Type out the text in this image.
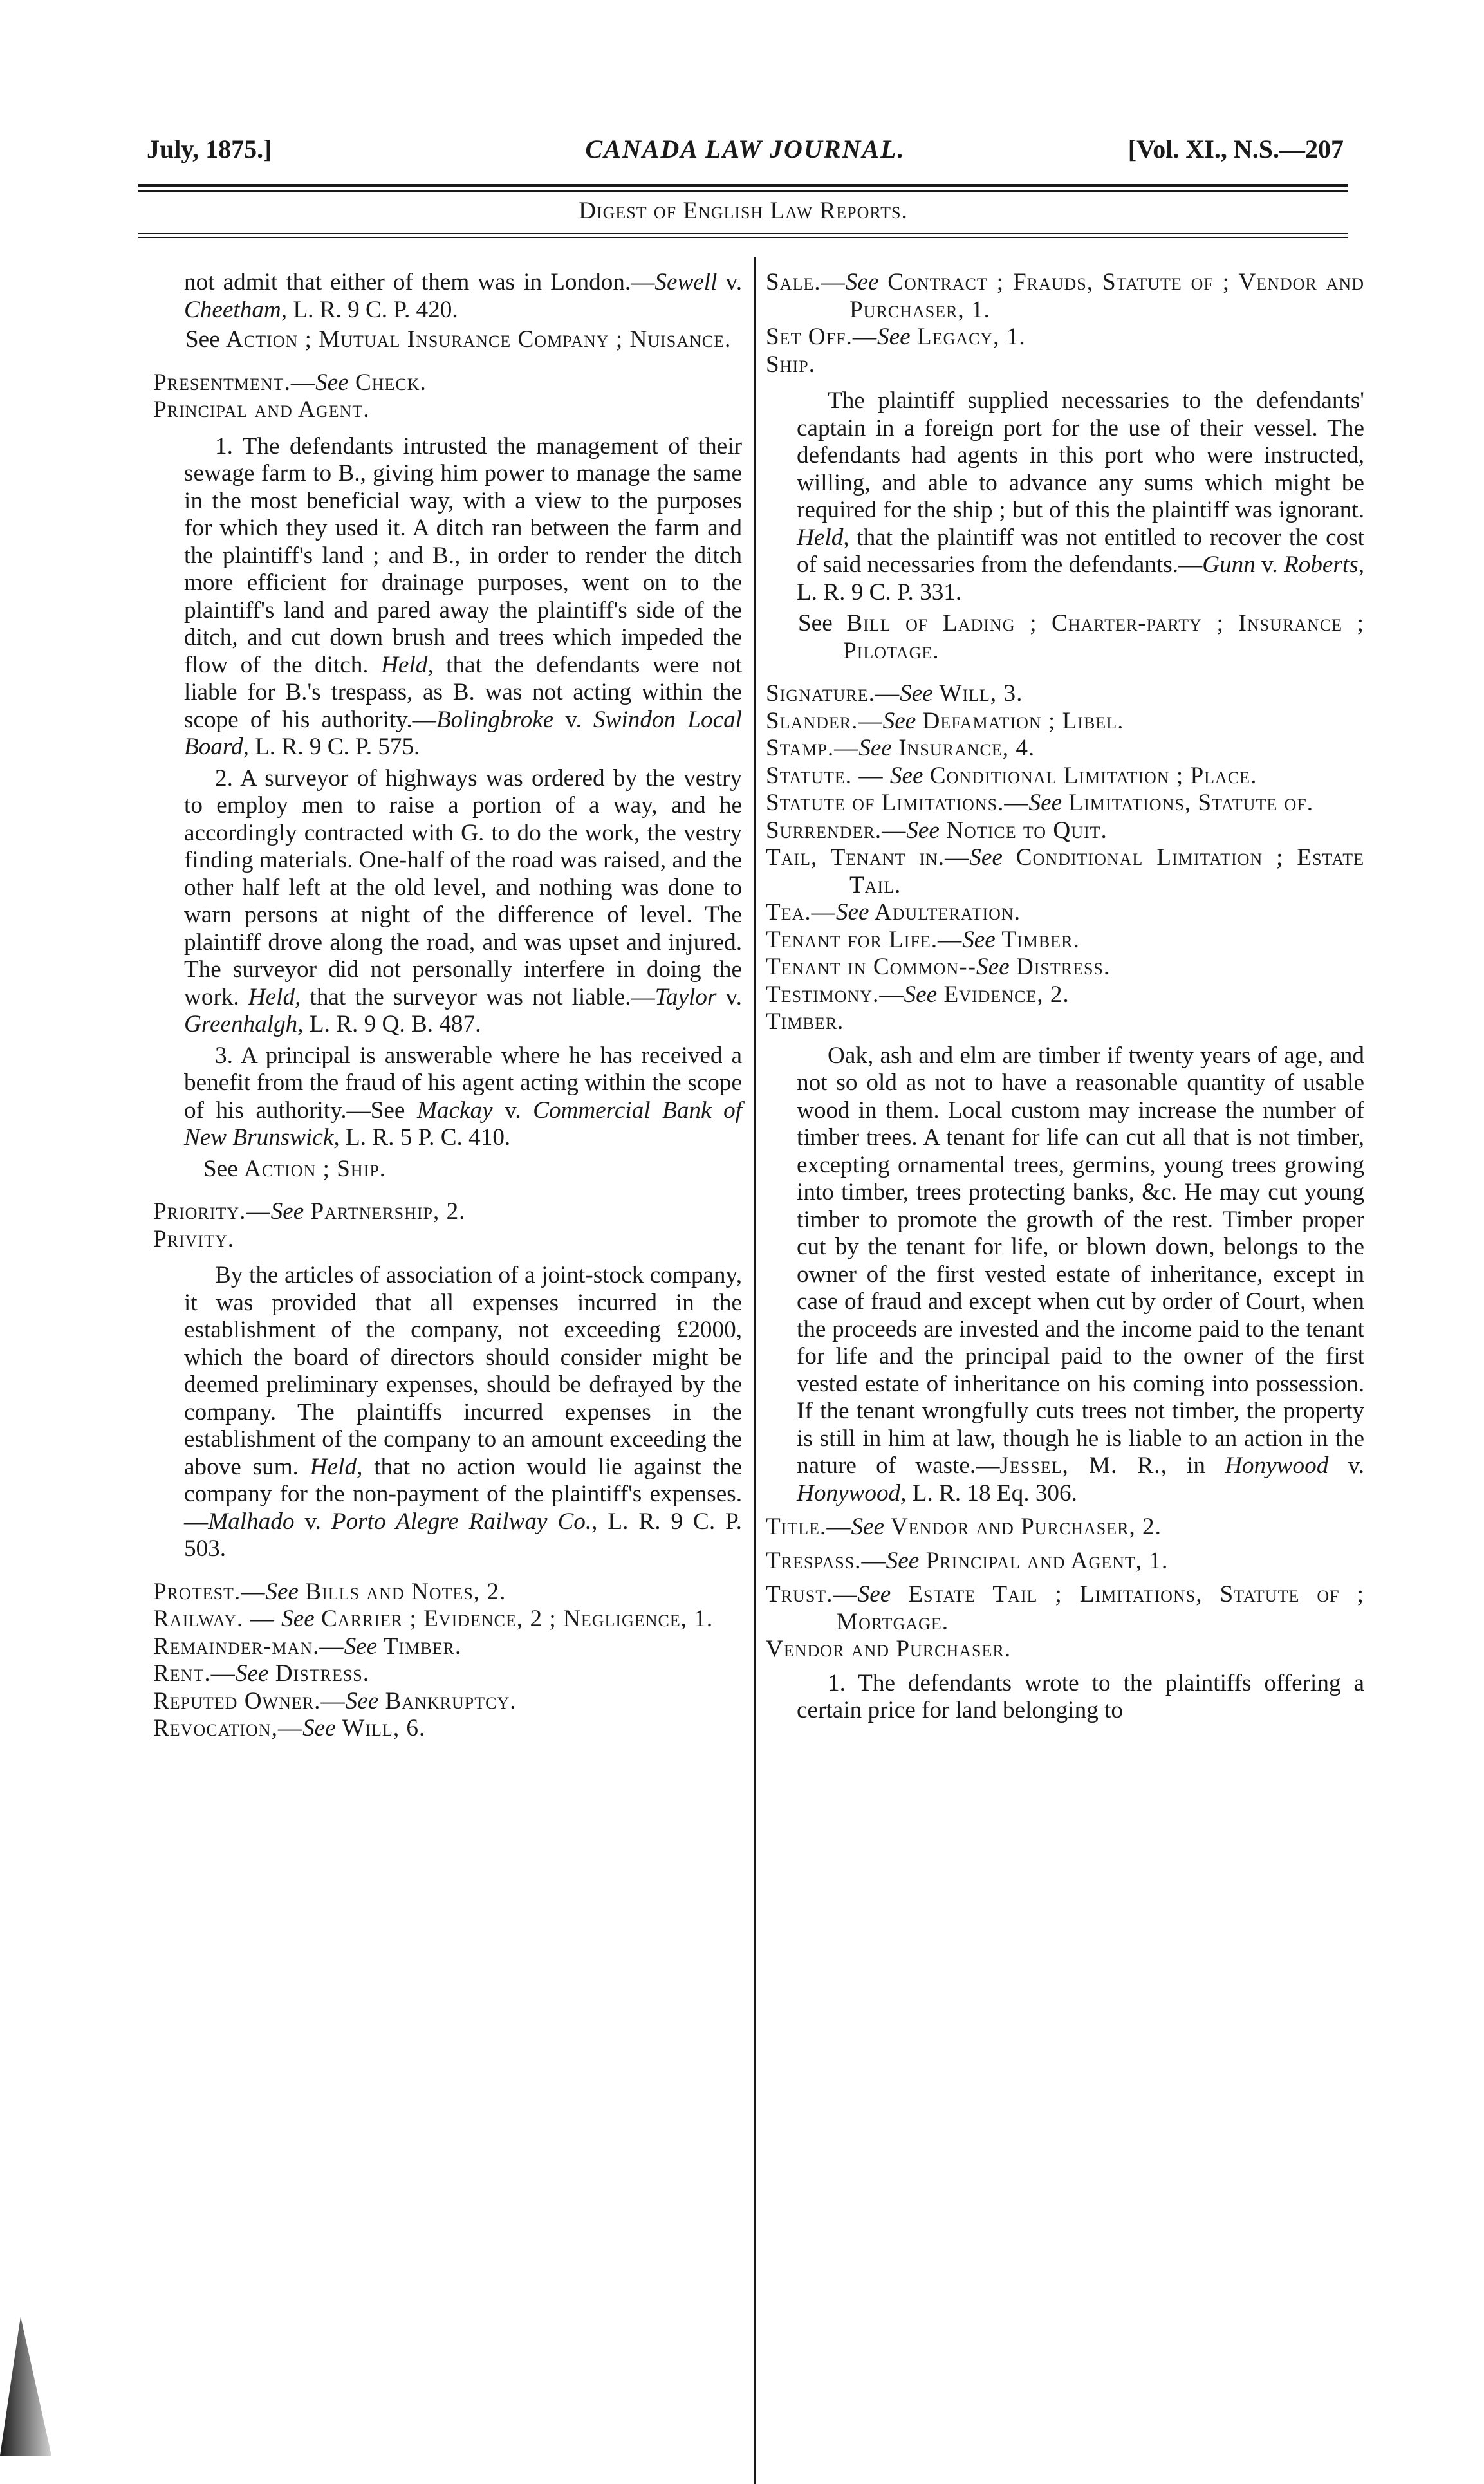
CANADA LAW JOURNAL.
July, 1875.]	[Vol. XI., N.S.—207
Digest of English Law Reports.

not admit that either of them was in London.—Sewell v. Cheetham, L. R. 9 C. P. 420.

See Action ; Mutual Insurance Company ; Nuisance.

Presentment.—See Check.

Principal and Agent.

1. The defendants intrusted the management of their sewage farm to B., giving him power to manage the same in the most beneficial way, with a view to the purposes for which they used it. A ditch ran between the farm and the plaintiff's land ; and B., in order to render the ditch more efficient for drainage purposes, went on to the plaintiff's land and pared away the plaintiff's side of the ditch, and cut down brush and trees which impeded the flow of the ditch. Held, that the defendants were not liable for B.'s trespass, as B. was not acting within the scope of his authority.—Bolingbroke v. Swindon Local Board, L. R. 9 C. P. 575.

2. A surveyor of highways was ordered by the vestry to employ men to raise a portion of a way, and he accordingly contracted with G. to do the work, the vestry finding materials. One-half of the road was raised, and the other half left at the old level, and nothing was done to warn persons at night of the difference of level. The plaintiff drove along the road, and was upset and injured. The surveyor did not personally interfere in doing the work. Held, that the surveyor was not liable.—Taylor v. Greenhalgh, L. R. 9 Q. B. 487.

3. A principal is answerable where he has received a benefit from the fraud of his agent acting within the scope of his authority.—See Mackay v. Commercial Bank of New Brunswick, L. R. 5 P. C. 410.

See Action ; Ship.

Priority.—See Partnership, 2.

Privity.

By the articles of association of a joint-stock company, it was provided that all expenses incurred in the establishment of the company, not exceeding £2000, which the board of directors should consider might be deemed preliminary expenses, should be defrayed by the company. The plaintiffs incurred expenses in the establishment of the company to an amount exceeding the above sum. Held, that no action would lie against the company for the non-payment of the plaintiff's expenses.—Malhado v. Porto Alegre Railway Co., L. R. 9 C. P. 503.

Protest.—See Bills and Notes, 2.

Railway. — See Carrier ; Evidence, 2 ; Negligence, 1.

Remainder-man.—See Timber.

Rent.—See Distress.

Reputed Owner.—See Bankruptcy.

Revocation,—See Will, 6.

Sale.—See Contract ; Frauds, Statute of ; Vendor and Purchaser, 1.

Set Off.—See Legacy, 1.

Ship.

The plaintiff supplied necessaries to the defendants' captain in a foreign port for the use of their vessel. The defendants had agents in this port who were instructed, willing, and able to advance any sums which might be required for the ship ; but of this the plaintiff was ignorant. Held, that the plaintiff was not entitled to recover the cost of said necessaries from the defendants.—Gunn v. Roberts, L. R. 9 C. P. 331.

See Bill of Lading ; Charter-party ; Insurance ; Pilotage.

Signature.—See Will, 3.

Slander.—See Defamation ; Libel.

Stamp.—See Insurance, 4.

Statute. — See Conditional Limitation ; Place.

Statute of Limitations.—See Limitations, Statute of.

Surrender.—See Notice to Quit.

Tail, Tenant in.—See Conditional Limitation ; Estate Tail.

Tea.—See Adulteration.

Tenant for Life.—See Timber.

Tenant in Common--See Distress.

Testimony.—See Evidence, 2.

Timber.

Oak, ash and elm are timber if twenty years of age, and not so old as not to have a reasonable quantity of usable wood in them. Local custom may increase the number of timber trees. A tenant for life can cut all that is not timber, excepting ornamental trees, germins, young trees growing into timber, trees protecting banks, &c. He may cut young timber to promote the growth of the rest. Timber proper cut by the tenant for life, or blown down, belongs to the owner of the first vested estate of inheritance, except in case of fraud and except when cut by order of Court, when the proceeds are invested and the income paid to the tenant for life and the principal paid to the owner of the first vested estate of inheritance on his coming into possession. If the tenant wrongfully cuts trees not timber, the property is still in him at law, though he is liable to an action in the nature of waste.—Jessel, M. R., in Honywood v. Honywood, L. R. 18 Eq. 306.

Title.—See Vendor and Purchaser, 2.

Trespass.—See Principal and Agent, 1.

Trust.—See Estate Tail ; Limitations, Statute of ; Mortgage.

Vendor and Purchaser.

1. The defendants wrote to the plaintiffs offering a certain price for land belonging to
